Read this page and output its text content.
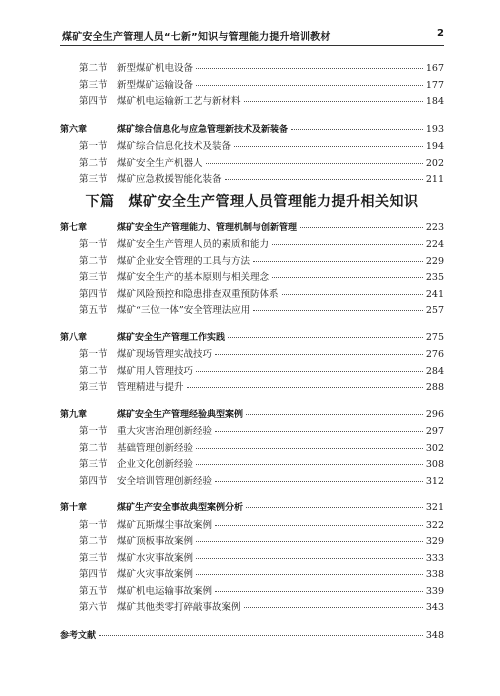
煤矿安全生产管理人员“七新”知识与管理能力提升培训教材	2
第二节 新型煤矿机电设备	167
第三节 新型煤矿运输设备	177
第四节 煤矿机电运输新工艺与新材料	184
第六章	煤矿综合信息化与应急管理新技术及新装备	193
第一节 煤矿综合信息化技术及装备	194
第二节 煤矿安全生产机器人	202
第三节 煤矿应急救援智能化装备	211
下篇 煤矿安全生产管理人员管理能力提升相关知识
第七章	煤矿安全生产管理能力、管理机制与创新管理	223
第一节 煤矿安全生产管理人员的素质和能力	224
第二节 煤矿企业安全管理的工具与方法	229
第三节 煤矿安全生产的基本原则与相关理念	235
第四节 煤矿风险预控和隐患排查双重预防体系	241
第五节 煤矿“三位一体”安全管理法应用	257
第八章	煤矿安全生产管理工作实践	275
第一节 煤矿现场管理实战技巧	276
第二节 煤矿用人管理技巧	284
第三节 管理精进与提升	288
第九章	煤矿安全生产管理经验典型案例	296
第一节 重大灾害治理创新经验	297
第二节 基础管理创新经验	302
第三节 企业文化创新经验	308
第四节 安全培训管理创新经验	312
第十章	煤矿生产安全事故典型案例分析	321
第一节 煤矿瓦斯煤尘事故案例	322
第二节 煤矿顶板事故案例	329
第三节 煤矿水灾事故案例	333
第四节 煤矿火灾事故案例	338
第五节 煤矿机电运输事故案例	339
第六节 煤矿其他类零打碎敲事故案例	343
参考文献	348
